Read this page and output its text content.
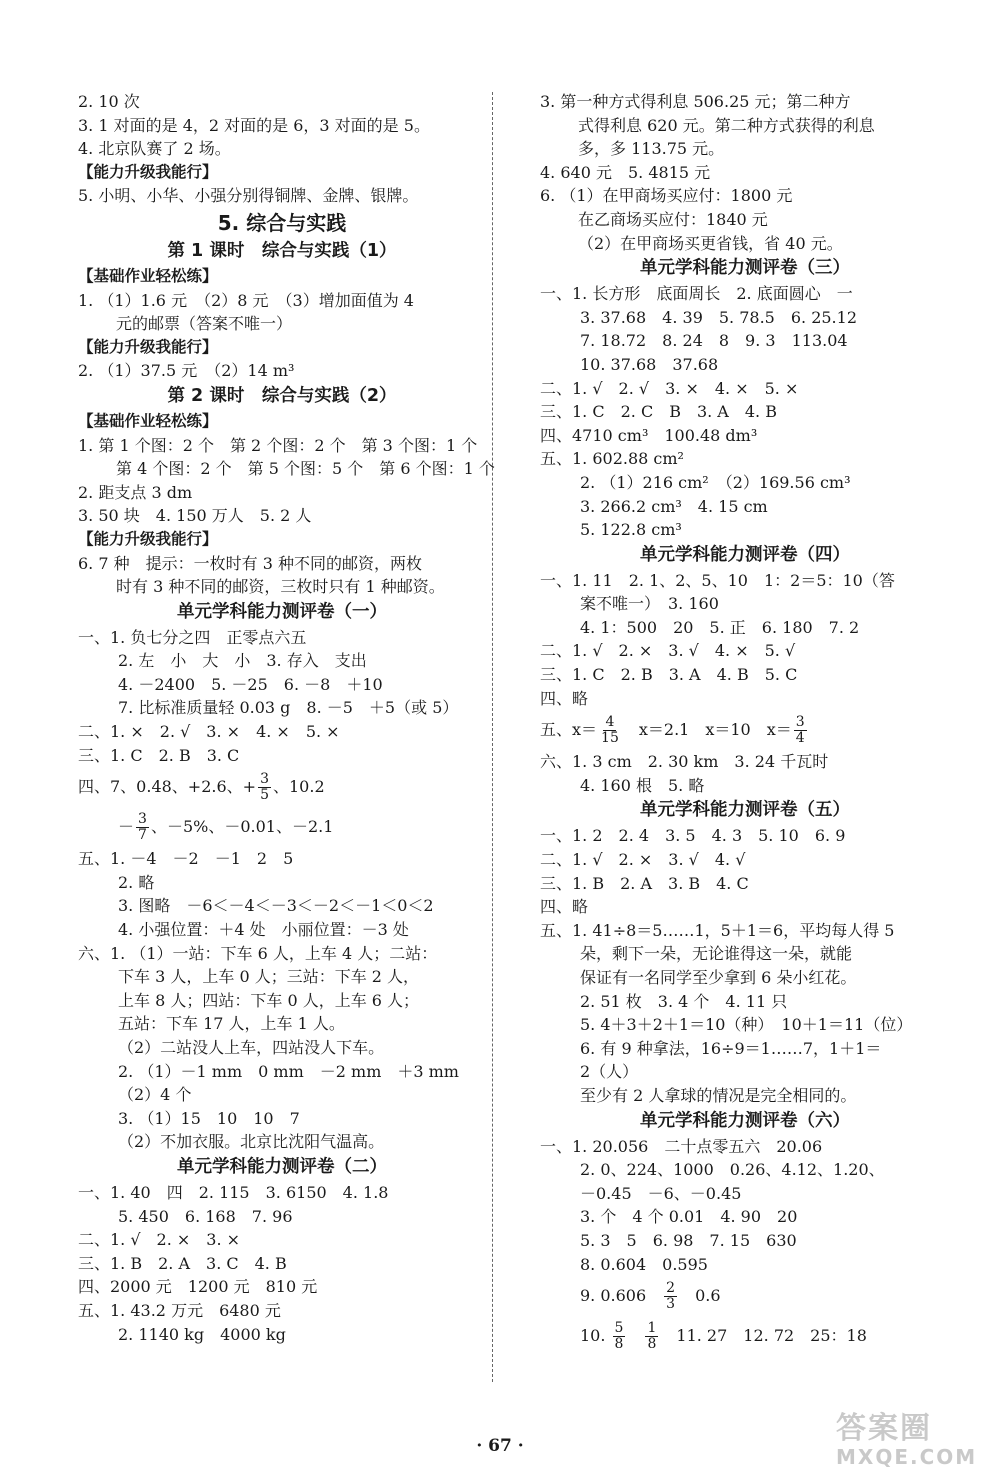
2. 10 次
3. 1 对面的是 4，2 对面的是 6，3 对面的是 5。
4. 北京队赛了 2 场。
【能力升级我能行】
5. 小明、小华、小强分别得铜牌、金牌、银牌。
5. 综合与实践
第 1 课时　综合与实践（1）
【基础作业轻松练】
1. （1）1.6 元　（2）8 元　（3）增加面值为 4
元的邮票（答案不唯一）
【能力升级我能行】
2. （1）37.5 元　（2）14 m³
第 2 课时　综合与实践（2）
【基础作业轻松练】
1. 第 1 个图：2 个　第 2 个图：2 个　第 3 个图：1 个
第 4 个图：2 个　第 5 个图：5 个　第 6 个图：1 个
2. 距支点 3 dm
3. 50 块　4. 150 万人　5. 2 人
【能力升级我能行】
6. 7 种　提示：一枚时有 3 种不同的邮资，两枚
时有 3 种不同的邮资，三枚时只有 1 种邮资。
单元学科能力测评卷（一）
一、1. 负七分之四　正零点六五
2. 左　小　大　小　3. 存入　支出
4. －2400　5. －25　6. －8　＋10
7. 比标准质量轻 0.03 g　8. －5　＋5（或 5）
二、1. ×　2. √　3. ×　4. ×　5. ×
三、1. C　2. B　3. C
四、7、0.48、+2.6、+ $\frac{3}{5}$ 、10.2
－ $\frac{3}{7}$ 、－5%、－0.01、－2.1
五、1. －4　－2　－1　2　5
2. 略
3. 图略　－6＜－4＜－3＜－2＜－1＜0＜2
4. 小强位置：＋4 处　小丽位置：－3 处
六、1. （1）一站：下车 6 人，上车 4 人；二站：
下车 3 人，上车 0 人；三站：下车 2 人，
上车 8 人；四站：下车 0 人，上车 6 人；
五站：下车 17 人，上车 1 人。
（2）二站没人上车，四站没人下车。
2. （1）－1 mm　0 mm　－2 mm　＋3 mm
（2）4 个
3. （1）15　10　10　7
（2）不加衣服。北京比沈阳气温高。
单元学科能力测评卷（二）
一、1. 40　四　2. 115　3. 6150　4. 1.8
5. 450　6. 168　7. 96
二、1. √　2. ×　3. ×
三、1. B　2. A　3. C　4. B
四、2000 元　1200 元　810 元
五、1. 43.2 万元　6480 元
2. 1140 kg　4000 kg
3. 第一种方式得利息 506.25 元；第二种方
式得利息 620 元。第二种方式获得的利息
多，多 113.75 元。
4. 640 元　5. 4815 元
6. （1）在甲商场买应付：1800 元
在乙商场买应付：1840 元
（2）在甲商场买更省钱，省 40 元。
单元学科能力测评卷（三）
一、1. 长方形　底面周长　2. 底面圆心　一
3. 37.68　4. 39　5. 78.5　6. 25.12
7. 18.72　8. 24　8　9. 3　113.04
10. 37.68　37.68
二、1. √　2. √　3. ×　4. ×　5. ×
三、1. C　2. C　B　3. A　4. B
四、4710 cm³　100.48 dm³
五、1. 602.88 cm²
2. （1）216 cm²　（2）169.56 cm³
3. 266.2 cm³　4. 15 cm
5. 122.8 cm³
单元学科能力测评卷（四）
一、1. 11　2. 1、2、5、10　1：2＝5：10（答
案不唯一）　3. 160
4. 1：500　20　5. 正　6. 180　7. 2
二、1. √　2. ×　3. √　4. ×　5. √
三、1. C　2. B　3. A　4. B　5. C
四、略
五、$x= \frac{4}{15}$ 　x＝2.1　x＝10　$x= \frac{3}{4}$
六、1. 3 cm　2. 30 km　3. 24 千瓦时
4. 160 根　5. 略
单元学科能力测评卷（五）
一、1. 2　2. 4　3. 5　4. 3　5. 10　6. 9
二、1. √　2. ×　3. √　4. √
三、1. B　2. A　3. B　4. C
四、略
五、1. 41÷8＝5……1，5＋1＝6，平均每人得 5
朵，剩下一朵，无论谁得这一朵，就能
保证有一名同学至少拿到 6 朵小红花。
2. 51 枚　3. 4 个　4. 11 只
5. 4＋3＋2＋1＝10（种）　10＋1＝11（位）
6. 有 9 种拿法，16÷9＝1……7，1＋1＝
2（人）
至少有 2 人拿球的情况是完全相同的。
单元学科能力测评卷（六）
一、1. 20.056　二十点零五六　20.06
2. 0、224、1000　0.26、4.12、1.20、
－0.45　－6、－0.45
3. 个　4 个 0.01　4. 90　20
5. 3　5　6. 98　7. 15　630
8. 0.604　0.595
9. 0.606　 $\frac{2}{3}$ 　0.6
10. $\frac{5}{8}$
　 $\frac{1}{8}$ 　11. 27　12. 72　25：18
· 67 ·	答案圈
MXQE.COM
